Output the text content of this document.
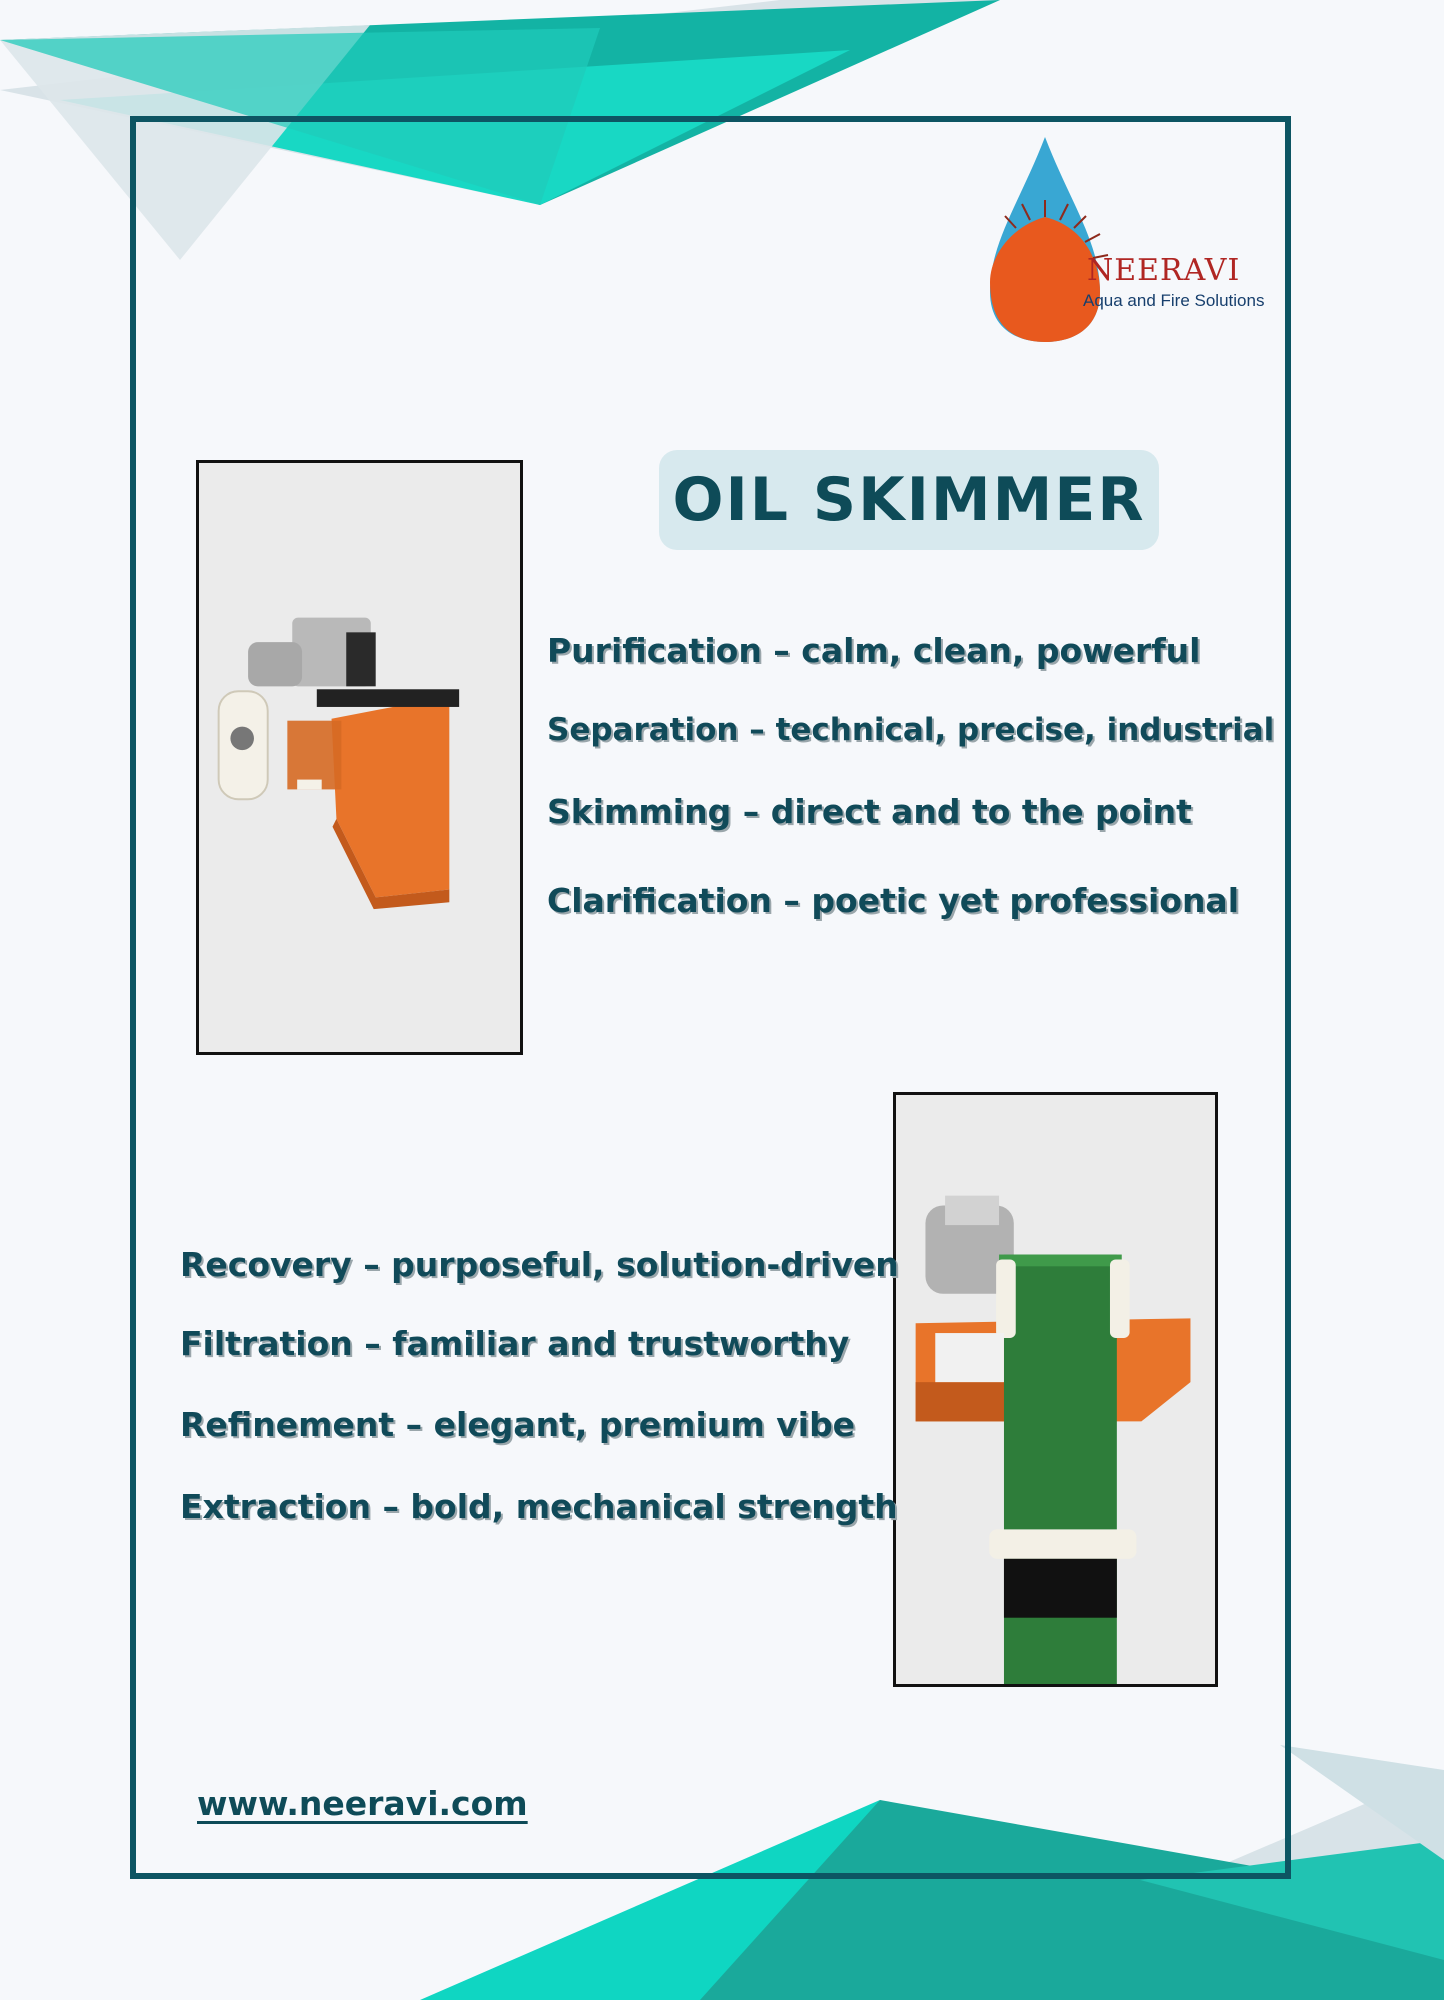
NEERAVI
Aqua and Fire Solutions
OIL SKIMMER
Purification – calm, clean, powerful
Separation – technical, precise, industrial
Skimming – direct and to the point
Clarification – poetic yet professional
Recovery – purposeful, solution-driven
Filtration – familiar and trustworthy
Refinement – elegant, premium vibe
Extraction – bold, mechanical strength
www.neeravi.com
